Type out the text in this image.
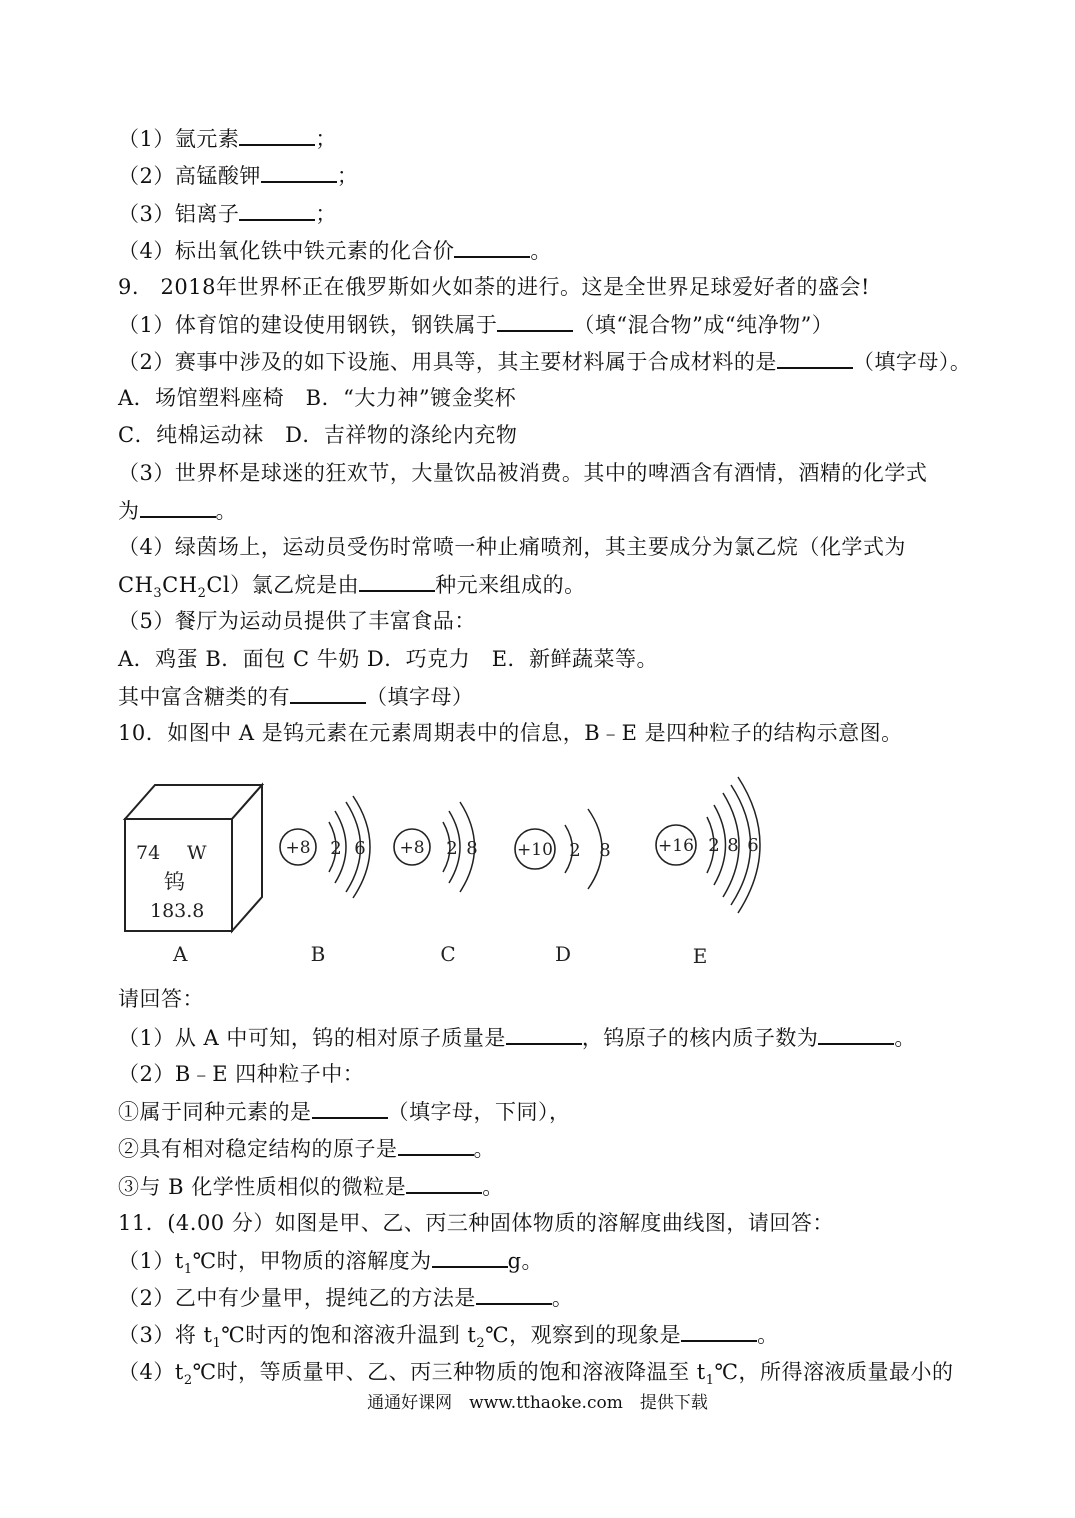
（1）氩元素	；
（2）高锰酸钾	；
（3）铝离子	；
（4）标出氧化铁中铁元素的化合价	。
9.　2018年世界杯正在俄罗斯如火如荼的进行。这是全世界足球爱好者的盛会!
（1）体育馆的建设使用钢铁，钢铁属于	（填“混合物”成“纯净物”）
（2）赛事中涉及的如下设施、用具等，其主要材料属于合成材料的是	（填字母）。
A．场馆塑料座椅　B．“大力神”镀金奖杯
C．纯棉运动袜　D．吉祥物的涤纶内充物
（3）世界杯是球迷的狂欢节，大量饮品被消费。其中的啤酒含有酒情，酒精的化学式
为	。
（4）绿茵场上，运动员受伤时常喷一种止痛喷剂，其主要成分为氯乙烷（化学式为
$CH_3CH_2Cl$）氯乙烷是由	种元来组成的。
（5）餐厅为运动员提供了丰富食品：
A．鸡蛋 B．面包 C 牛奶 D．巧克力　E．新鲜蔬菜等。
其中富含糖类的有	（填字母）
10．如图中 A 是钨元素在元素周期表中的信息，B﹣E 是四种粒子的结构示意图。
74 W
钨
183.8
A
+8 2 6
B
+8 2 8
C
+10 2 8
D
+16 2 8 6
E
请回答：
（1）从 A 中可知，钨的相对原子质量是	，钨原子的核内质子数为	。
（2）B﹣E 四种粒子中：
①属于同种元素的是	（填字母，下同），
②具有相对稳定结构的原子是	。
③与 B 化学性质相似的微粒是	。
11．(4.00 分）如图是甲、乙、丙三种固体物质的溶解度曲线图，请回答：
$(1)t_1℃$时，甲物质的溶解度为	g。
（2）乙中有少量甲，提纯乙的方法是	。
（3）将 $t_1℃$时丙的饱和溶液升温到 $t_2℃$，观察到的现象是	。
$(4)t_2℃$时，等质量甲、乙、丙三种物质的饱和溶液降温至 $t_1℃$，所得溶液质量最小的
通通好课网　www.tthaoke.com　提供下载
